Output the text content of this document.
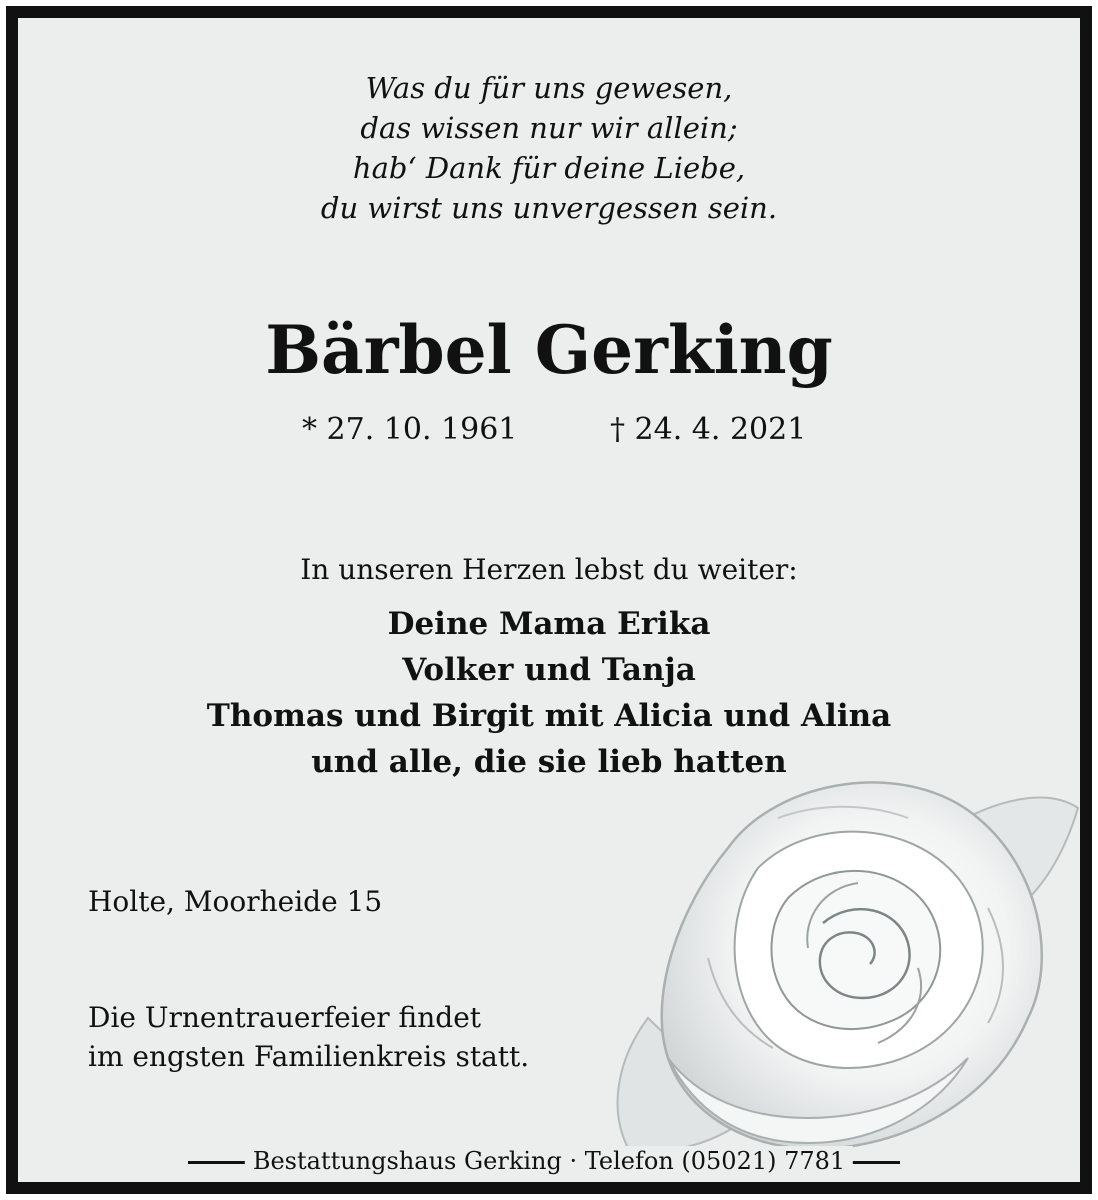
Was du für uns gewesen,
das wissen nur wir allein;
hab‘ Dank für deine Liebe,
du wirst uns unvergessen sein.
Bärbel Gerking
* 27. 10. 1961	† 24. 4. 2021
In unseren Herzen lebst du weiter:
Deine Mama Erika
Volker und Tanja
Thomas und Birgit mit Alicia und Alina
und alle, die sie lieb hatten
Holte, Moorheide 15
Die Urnentrauerfeier findet
im engsten Familienkreis statt.
Bestattungshaus Gerking · Telefon (05021) 7781
